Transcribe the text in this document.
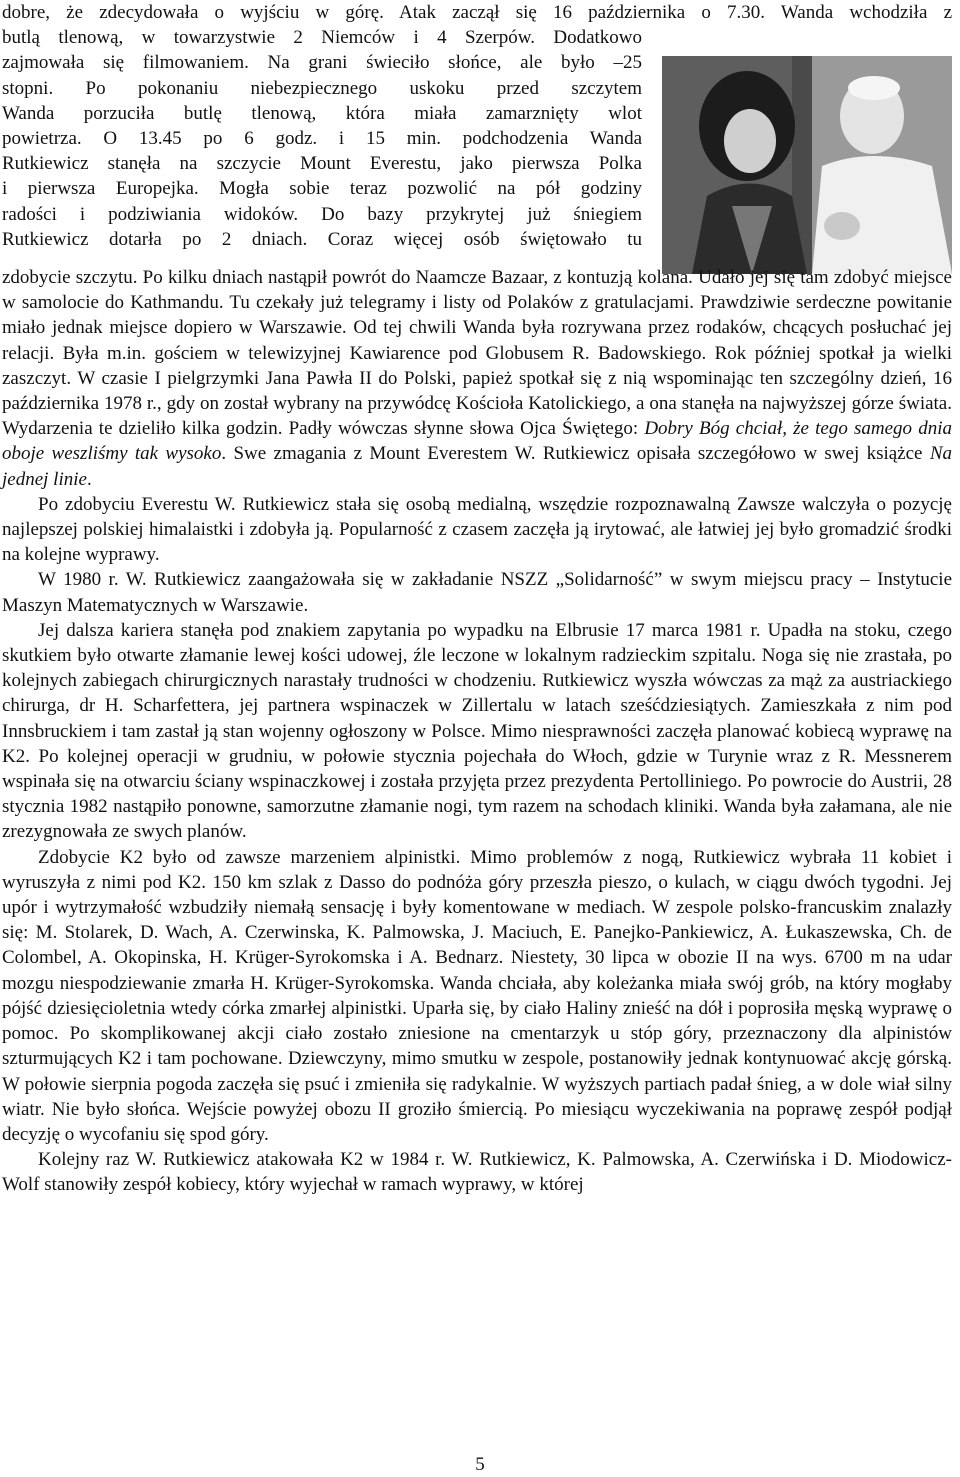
dobre, że zdecydowała o wyjściu w górę. Atak zaczął się 16 października o 7.30. Wanda wchodziła z
butlą tlenową, w towarzystwie 2 Niemców i 4 Szerpów. Dodatkowo
zajmowała się filmowaniem. Na grani świeciło słońce, ale było –25
stopni. Po pokonaniu niebezpiecznego uskoku przed szczytem
Wanda porzuciła butlę tlenową, która miała zamarznięty wlot
powietrza. O 13.45 po 6 godz. i 15 min. podchodzenia Wanda
Rutkiewicz stanęła na szczycie Mount Everestu, jako pierwsza Polka
i pierwsza Europejka. Mogła sobie teraz pozwolić na pół godziny
radości i podziwiania widoków. Do bazy przykrytej już śniegiem
Rutkiewicz dotarła po 2 dniach. Coraz więcej osób świętowało tu

zdobycie szczytu. Po kilku dniach nastąpił powrót do Naamcze Bazaar, z kontuzją kolana. Udało jej się tam zdobyć miejsce w samolocie do Kathmandu. Tu czekały już telegramy i listy od Polaków z gratulacjami. Prawdziwie serdeczne powitanie miało jednak miejsce dopiero w Warszawie. Od tej chwili Wanda była rozrywana przez rodaków, chcących posłuchać jej relacji. Była m.in. gościem w telewizyjnej Kawiarence pod Globusem R. Badowskiego. Rok później spotkał ja wielki zaszczyt. W czasie I pielgrzymki Jana Pawła II do Polski, papież spotkał się z nią wspominając ten szczególny dzień, 16 października 1978 r., gdy on został wybrany na przywódcę Kościoła Katolickiego, a ona stanęła na najwyższej górze świata. Wydarzenia te dzieliło kilka godzin. Padły wówczas słynne słowa Ojca Świętego: Dobry Bóg chciał, że tego samego dnia oboje weszliśmy tak wysoko. Swe zmagania z Mount Everestem W. Rutkiewicz opisała szczegółowo w swej książce Na jednej linie.

Po zdobyciu Everestu W. Rutkiewicz stała się osobą medialną, wszędzie rozpoznawalną Zawsze walczyła o pozycję najlepszej polskiej himalaistki i zdobyła ją. Popularność z czasem zaczęła ją irytować, ale łatwiej jej było gromadzić środki na kolejne wyprawy.

W 1980 r. W. Rutkiewicz zaangażowała się w zakładanie NSZZ „Solidarność” w swym miejscu pracy – Instytucie Maszyn Matematycznych w Warszawie.

Jej dalsza kariera stanęła pod znakiem zapytania po wypadku na Elbrusie 17 marca 1981 r. Upadła na stoku, czego skutkiem było otwarte złamanie lewej kości udowej, źle leczone w lokalnym radzieckim szpitalu. Noga się nie zrastała, po kolejnych zabiegach chirurgicznych narastały trudności w chodzeniu. Rutkiewicz wyszła wówczas za mąż za austriackiego chirurga, dr H. Scharfettera, jej partnera wspinaczek w Zillertalu w latach sześćdziesiątych. Zamieszkała z nim pod Innsbruckiem i tam zastał ją stan wojenny ogłoszony w Polsce. Mimo niesprawności zaczęła planować kobiecą wyprawę na K2. Po kolejnej operacji w grudniu, w połowie stycznia pojechała do Włoch, gdzie w Turynie wraz z R. Messnerem wspinała się na otwarciu ściany wspinaczkowej i została przyjęta przez prezydenta Pertolliniego. Po powrocie do Austrii, 28 stycznia 1982 nastąpiło ponowne, samorzutne złamanie nogi, tym razem na schodach kliniki. Wanda była załamana, ale nie zrezygnowała ze swych planów.

Zdobycie K2 było od zawsze marzeniem alpinistki. Mimo problemów z nogą, Rutkiewicz wybrała 11 kobiet i wyruszyła z nimi pod K2. 150 km szlak z Dasso do podnóża góry przeszła pieszo, o kulach, w ciągu dwóch tygodni. Jej upór i wytrzymałość wzbudziły niemałą sensację i były komentowane w mediach. W zespole polsko-francuskim znalazły się: M. Stolarek, D. Wach, A. Czerwinska, K. Palmowska, J. Maciuch, E. Panejko-Pankiewicz, A. Łukaszewska, Ch. de Colombel, A. Okopinska, H. Krüger-Syrokomska i A. Bednarz. Niestety, 30 lipca w obozie II na wys. 6700 m na udar mozgu niespodziewanie zmarła H. Krüger-Syrokomska. Wanda chciała, aby koleżanka miała swój grób, na który mogłaby pójść dziesięcioletnia wtedy córka zmarłej alpinistki. Uparła się, by ciało Haliny znieść na dół i poprosiła męską wyprawę o pomoc. Po skomplikowanej akcji ciało zostało zniesione na cmentarzyk u stóp góry, przeznaczony dla alpinistów szturmujących K2 i tam pochowane. Dziewczyny, mimo smutku w zespole, postanowiły jednak kontynuować akcję górską. W połowie sierpnia pogoda zaczęła się psuć i zmieniła się radykalnie. W wyższych partiach padał śnieg, a w dole wiał silny wiatr. Nie było słońca. Wejście powyżej obozu II groziło śmiercią. Po miesiącu wyczekiwania na poprawę zespół podjął decyzję o wycofaniu się spod góry.

Kolejny raz W. Rutkiewicz atakowała K2 w 1984 r. W. Rutkiewicz, K. Palmowska, A. Czerwińska i D. Miodowicz-Wolf stanowiły zespół kobiecy, który wyjechał w ramach wyprawy, w której

5
